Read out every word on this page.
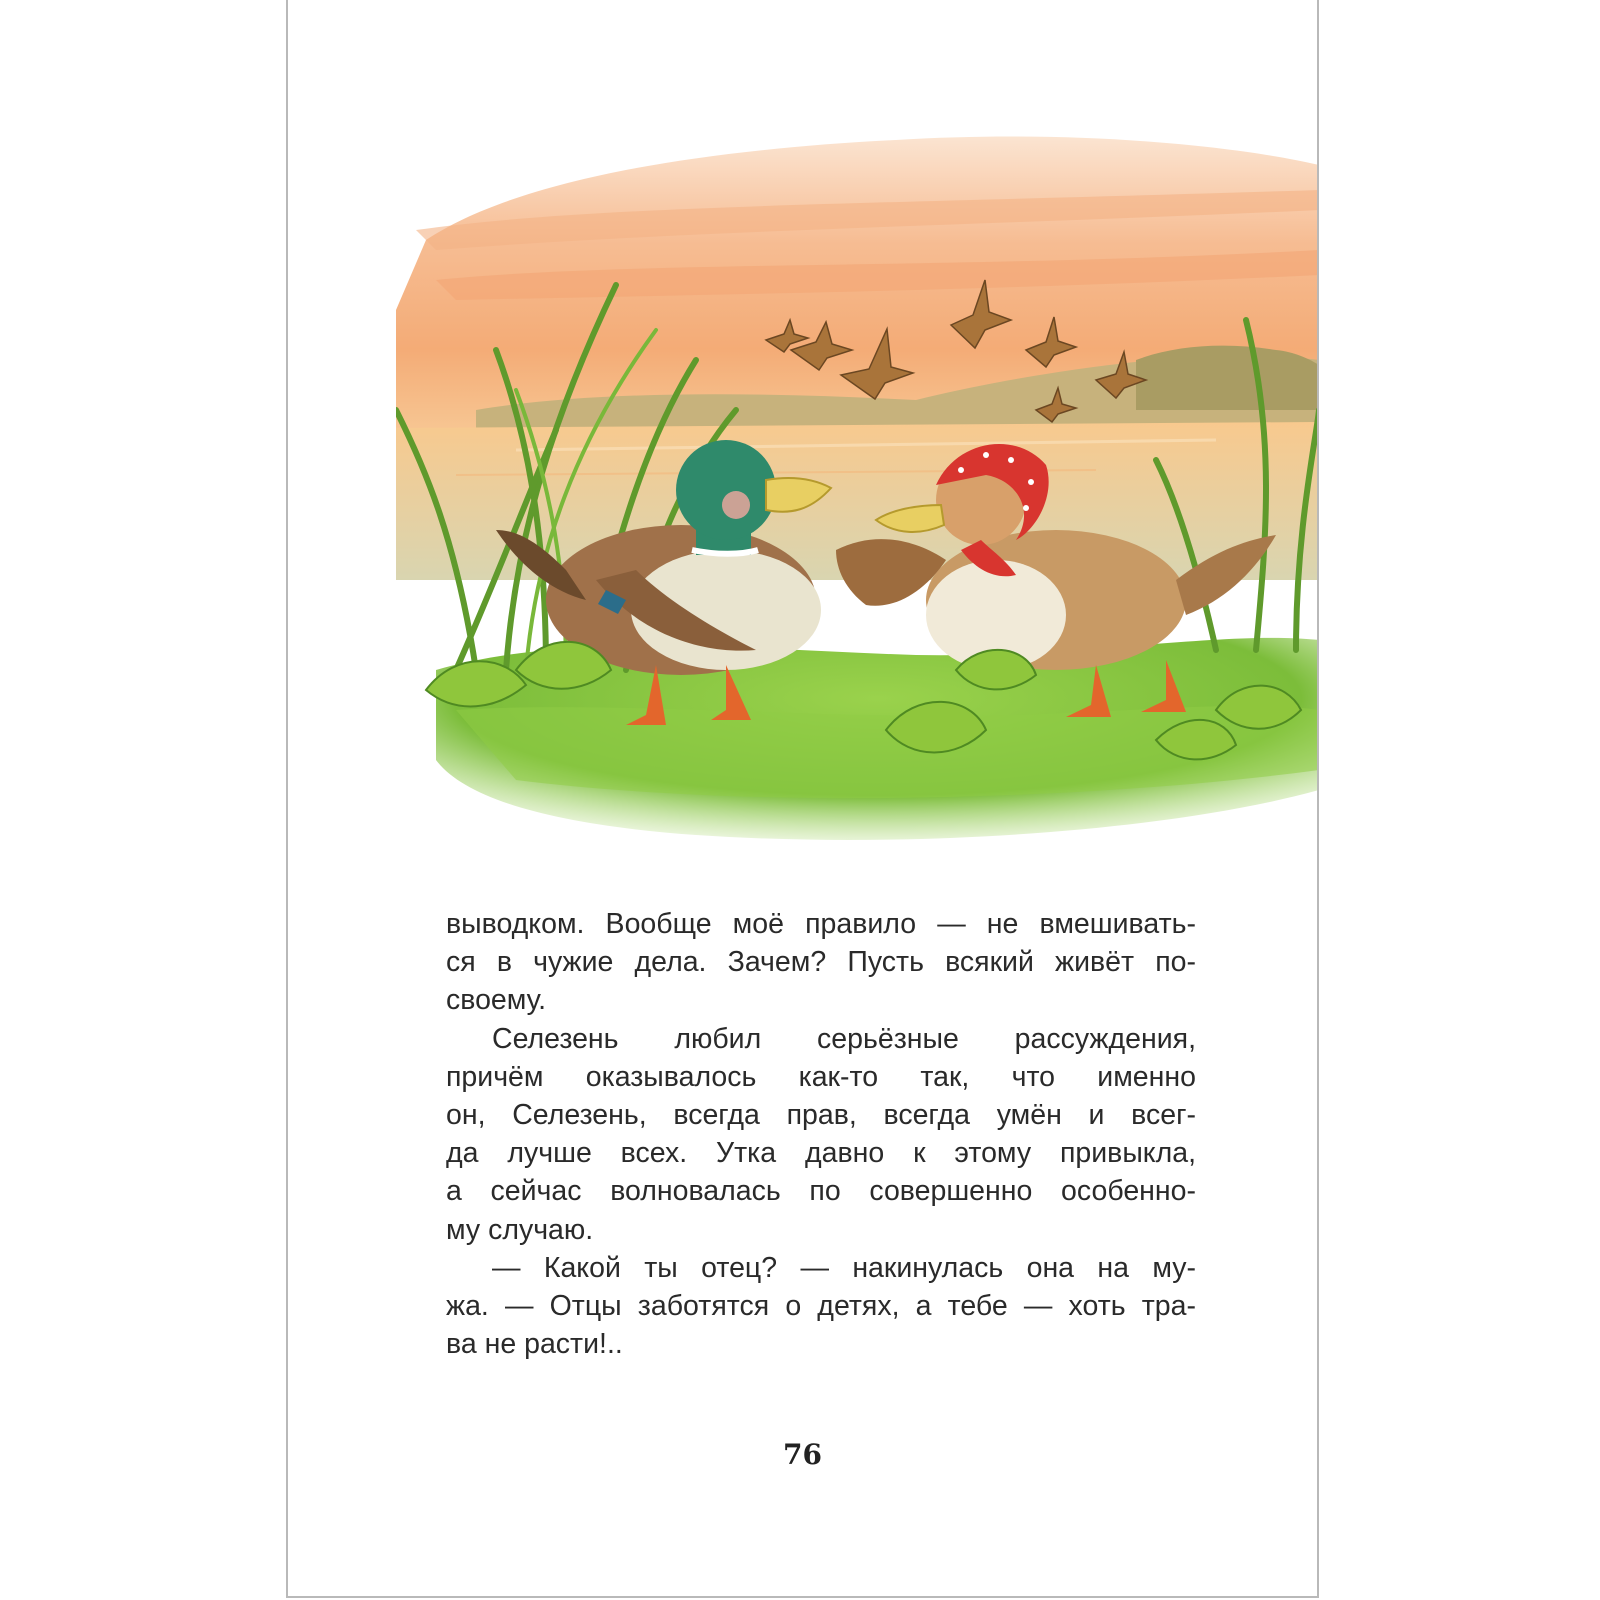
выводком. Вообще моё правило — не вмешивать-
ся в чужие дела. Зачем? Пусть всякий живёт по-
своему.
Селезень любил серьёзные рассуждения,
причём оказывалось как-то так, что именно
он, Селезень, всегда прав, всегда умён и всег-
да лучше всех. Утка давно к этому привыкла,
а сейчас волновалась по совершенно особенно-
му случаю.
— Какой ты отец? — накинулась она на му-
жа. — Отцы заботятся о детях, а тебе — хоть тра-
ва не расти!..
76
